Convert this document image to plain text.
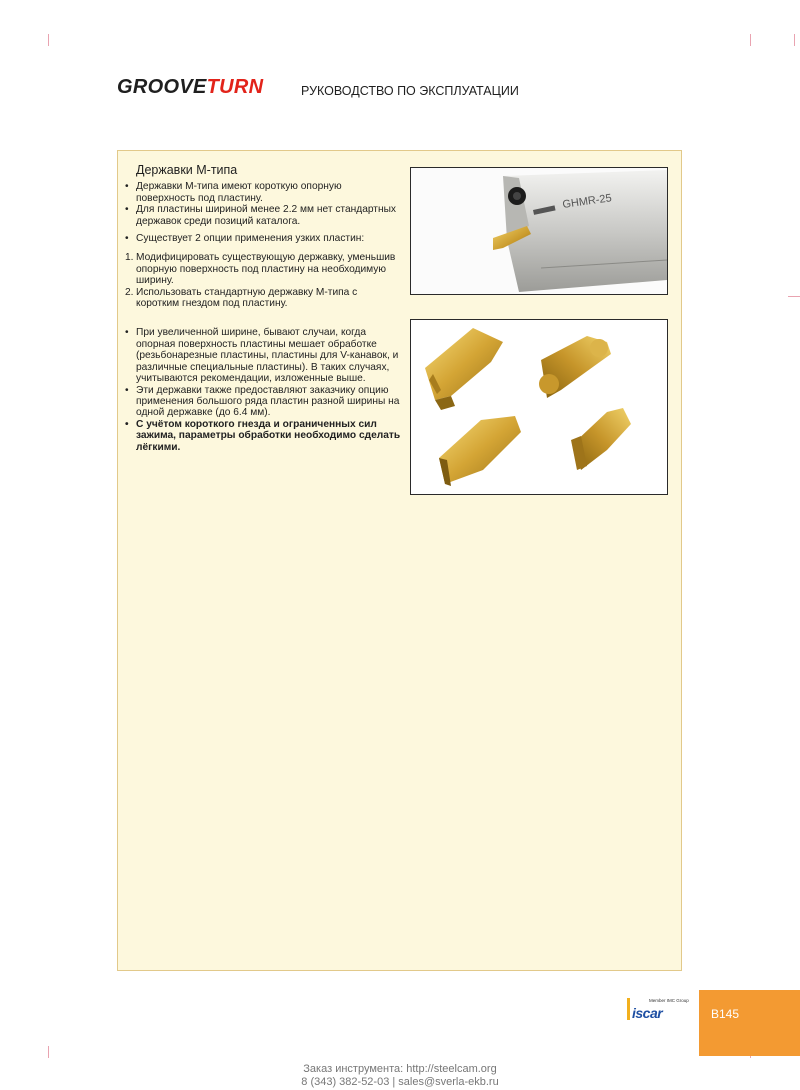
GROOVETURN	РУКОВОДСТВО ПО ЭКСПЛУАТАЦИИ
Державки М-типа
• Державки М-типа имеют короткую опорную поверхность под пластину.
• Для пластины шириной менее 2.2 мм нет стандартных державок среди позиций каталога.
• Существует 2 опции применения узких пластин:
1. Модифицировать существующую державку, уменьшив опорную поверхность под пластину на необходимую ширину.
2. Использовать стандартную державку М-типа с коротким гнездом под пластину.
• При увеличенной ширине, бывают случаи, когда опорная поверхность пластины мешает обработке (резьбонарезные пластины, пластины для V-канавок, и различные специальные пластины). В таких случаях, учитываются рекомендации, изложенные выше.
• Эти державки также предоставляют заказчику опцию применения большого ряда пластин разной ширины на одной державке (до 6.4 мм).
• С учётом короткого гнезда и ограниченных сил зажима, параметры обработки необходимо сделать лёгкими.
GHMR-25
Member IMC Group
iscar	B145
Заказ инструмента: http://steelcam.org
8 (343) 382-52-03 | sales@sverla-ekb.ru
